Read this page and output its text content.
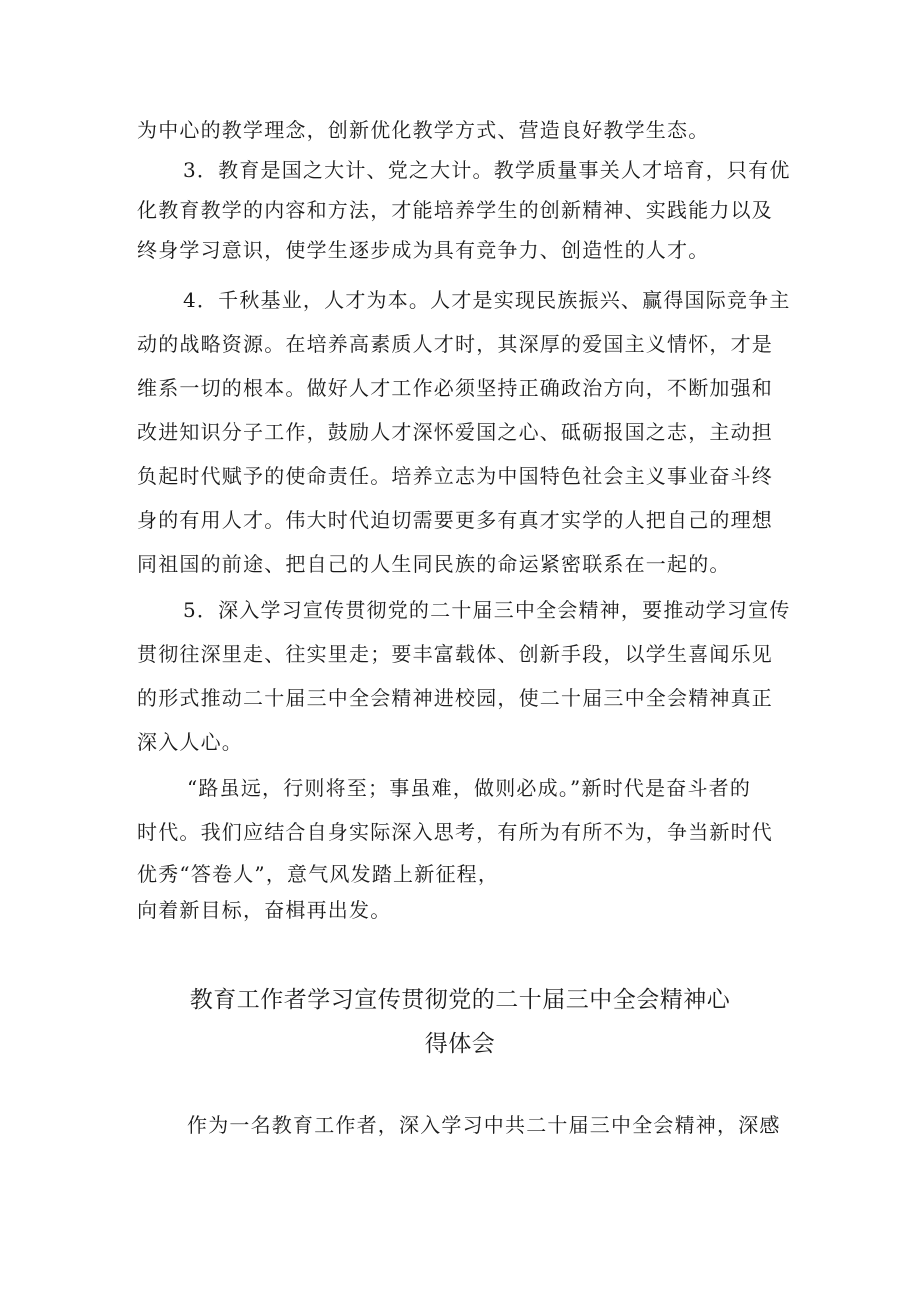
为中心的教学理念，创新优化教学方式、营造良好教学生态。
3．教育是国之大计、党之大计。教学质量事关人才培育，只有优
化教育教学的内容和方法，才能培养学生的创新精神、实践能力以及
终身学习意识，使学生逐步成为具有竞争力、创造性的人才。
4．千秋基业，人才为本。人才是实现民族振兴、赢得国际竞争主
动的战略资源。在培养高素质人才时，其深厚的爱国主义情怀，才是
维系一切的根本。做好人才工作必须坚持正确政治方向，不断加强和
改进知识分子工作，鼓励人才深怀爱国之心、砥砺报国之志，主动担
负起时代赋予的使命责任。培养立志为中国特色社会主义事业奋斗终
身的有用人才。伟大时代迫切需要更多有真才实学的人把自己的理想
同祖国的前途、把自己的人生同民族的命运紧密联系在一起的。
5．深入学习宣传贯彻党的二十届三中全会精神，要推动学习宣传
贯彻往深里走、往实里走；要丰富载体、创新手段，以学生喜闻乐见
的形式推动二十届三中全会精神进校园，使二十届三中全会精神真正
深入人心。
“路虽远，行则将至；事虽难，做则必成。”新时代是奋斗者的
时代。我们应结合自身实际深入思考，有所为有所不为，争当新时代
优秀“答卷人”，意气风发踏上新征程，
向着新目标，奋楫再出发。
教育工作者学习宣传贯彻党的二十届三中全会精神心
得体会
作为一名教育工作者，深入学习中共二十届三中全会精神，深感
